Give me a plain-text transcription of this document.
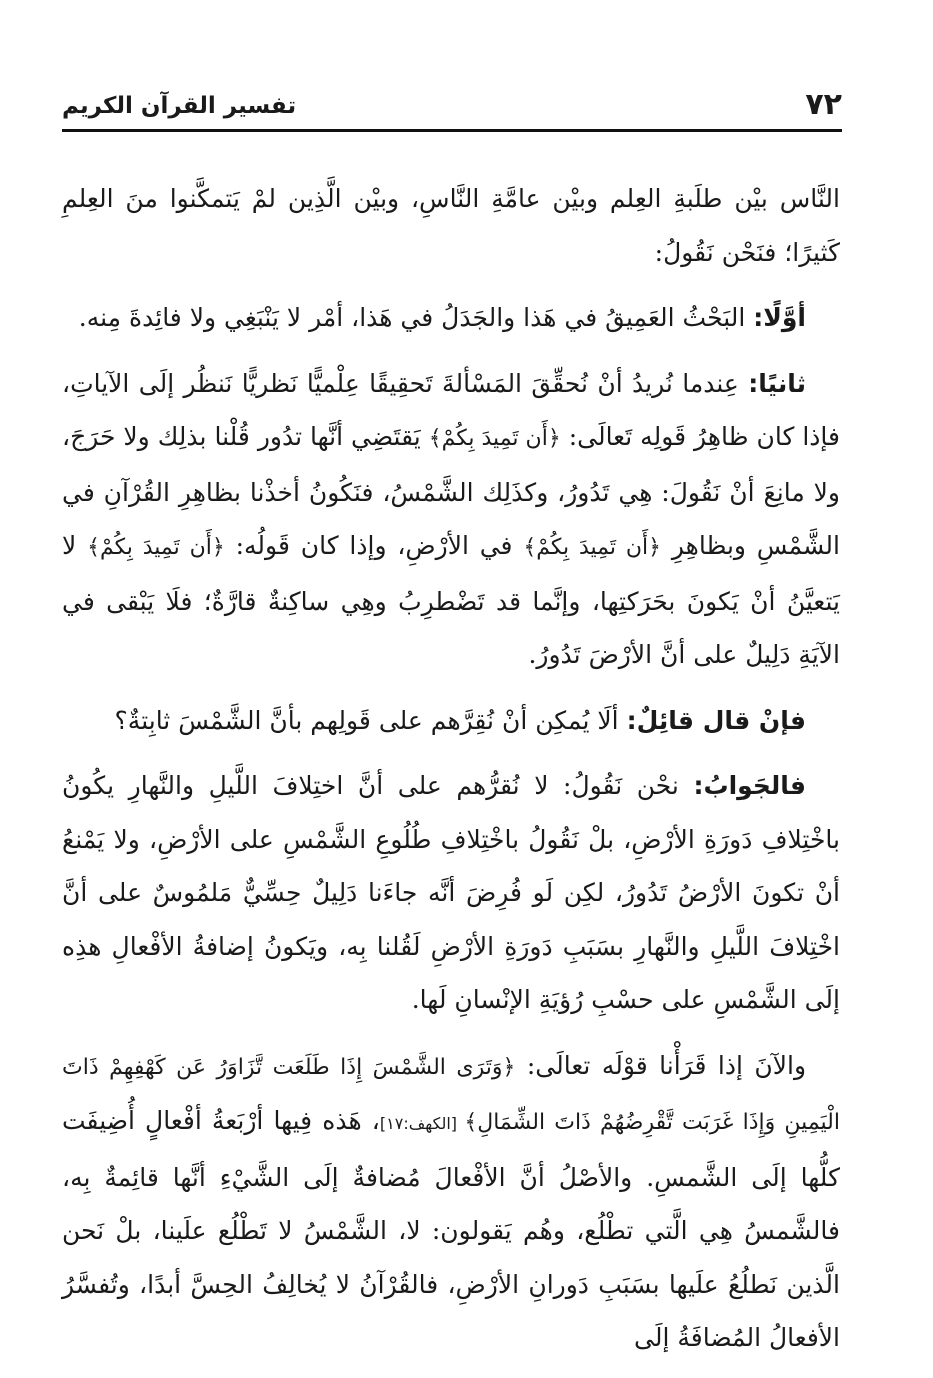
٧٢
تفسير القرآن الكريم

النَّاس بيْن طلَبةِ العِلم وبيْن عامَّةِ النَّاسِ، وبيْن الَّذِين لمْ يَتمكَّنوا منَ العِلمِ كَثيرًا؛ فنَحْن نَقُولُ:

أوَّلًا: البَحْثُ العَمِيقُ في هَذا والجَدَلُ في هَذا، أمْر لا يَنْبَغِي ولا فائِدةَ مِنه.

ثانيًا: عِندما نُريدُ أنْ نُحقِّقَ المَسْألةَ تَحقِيقًا عِلْميًّا نَظريًّا نَنظُر إلَى الآياتِ، فإذا كان ظاهِرُ قَولِه تَعالَى: ﴿أَن تَمِيدَ بِكُمْ﴾ يَقتَضِي أنَّها تدُور قُلْنا بذلِك ولا حَرَجَ، ولا مانِعَ أنْ نَقُولَ: هِي تَدُورُ، وكذَلِك الشَّمْسُ، فنَكُونُ أخذْنا بظاهِرِ القُرْآنِ في الشَّمْسِ وبظاهِرِ ﴿أَن تَمِيدَ بِكُمْ﴾ في الأرْضِ، وإذا كان قَولُه: ﴿أَن تَمِيدَ بِكُمْ﴾ لا يَتعيَّنُ أنْ يَكونَ بحَرَكتِها، وإنَّما قد تَضْطرِبُ وهِي ساكِنةٌ قارَّةٌ؛ فلَا يَبْقى في الآيَةِ دَلِيلٌ على أنَّ الأرْضَ تَدُورُ.

فإنْ قال قائِلٌ: ألَا يُمكِن أنْ نُقِرَّهم على قَولِهم بأنَّ الشَّمْسَ ثابِتةٌ؟

فالجَوابُ: نحْن نَقُولُ: لا نُقرُّهم على أنَّ اختِلافَ اللَّيلِ والنَّهارِ يكُونُ باخْتِلافِ دَورَةِ الأرْضِ، بلْ نَقُولُ باخْتِلافِ طُلُوعِ الشَّمْسِ على الأرْضِ، ولا يَمْنعُ أنْ تكونَ الأرْضُ تَدُورُ، لكِن لَو فُرِضَ أنَّه جاءَنا دَلِيلٌ حِسِّيٌّ مَلمُوسٌ على أنَّ اخْتِلافَ اللَّيلِ والنَّهارِ بسَبَبِ دَورَةِ الأرْضِ لَقُلنا بِه، ويَكونُ إضافةُ الأفْعالِ هذِه إلَى الشَّمْسِ على حسْبِ رُؤيَةِ الإنْسانِ لَها.

والآنَ إذا قَرَأْنا قوْلَه تعالَى: ﴿وَتَرَى الشَّمْسَ إِذَا طَلَعَت تَّزَاوَرُ عَن كَهْفِهِمْ ذَاتَ الْيَمِينِ وَإِذَا غَرَبَت تَّقْرِضُهُمْ ذَاتَ الشِّمَالِ﴾ [الكهف:١٧]، هَذه فِيها أرْبَعةُ أفْعالٍ أُضِيفَت كلُّها إلَى الشَّمسِ. والأصْلُ أنَّ الأفْعالَ مُضافةٌ إلَى الشَّيْءِ أنَّها قائِمةٌ بِه، فالشَّمسُ هِي الَّتي تطْلُع، وهُم يَقولون: لا، الشَّمْسُ لا تَطْلُع علَينا، بلْ نَحن الَّذين نَطلُعُ علَيها بسَبَبِ دَورانِ الأرْضِ، فالقُرْآنُ لا يُخالِفُ الحِسَّ أبدًا، وتُفسَّرُ الأفعالُ المُضافَةُ إلَى
